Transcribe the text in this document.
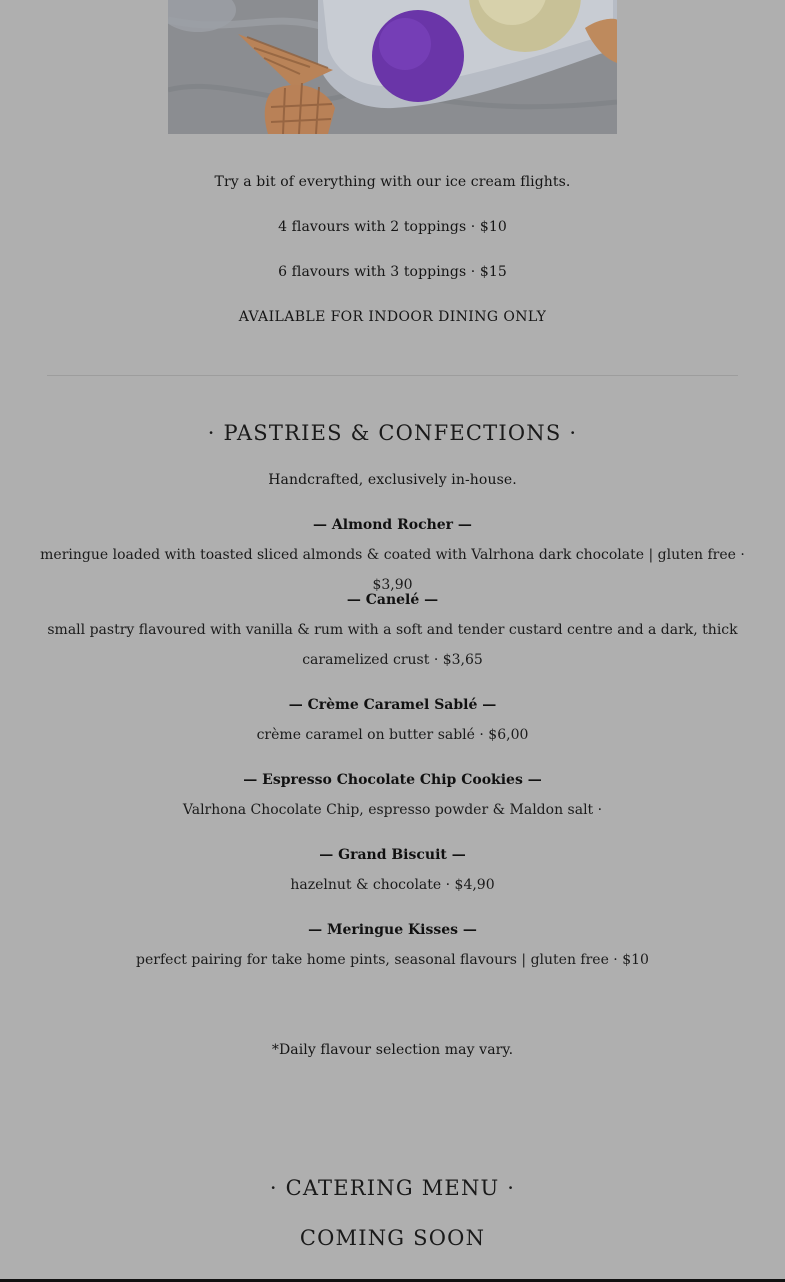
Try a bit of everything with our ice cream flights.
4 flavours with 2 toppings · $10
6 flavours with 3 toppings · $15
AVAILABLE FOR INDOOR DINING ONLY
· PASTRIES & CONFECTIONS ·
Handcrafted, exclusively in-house.
— Almond Rocher —
meringue loaded with toasted sliced almonds & coated with Valrhona dark chocolate | gluten free · $3,90
— Canelé —
small pastry flavoured with vanilla & rum with a soft and tender custard centre and a dark, thick caramelized crust · $3,65
— Crème Caramel Sablé —
crème caramel on butter sablé · $6,00
— Espresso Chocolate Chip Cookies —
Valrhona Chocolate Chip, espresso powder & Maldon salt ·
— Grand Biscuit —
hazelnut & chocolate · $4,90
— Meringue Kisses —
perfect pairing for take home pints, seasonal flavours | gluten free · $10
*Daily flavour selection may vary.
· CATERING MENU ·
COMING SOON
